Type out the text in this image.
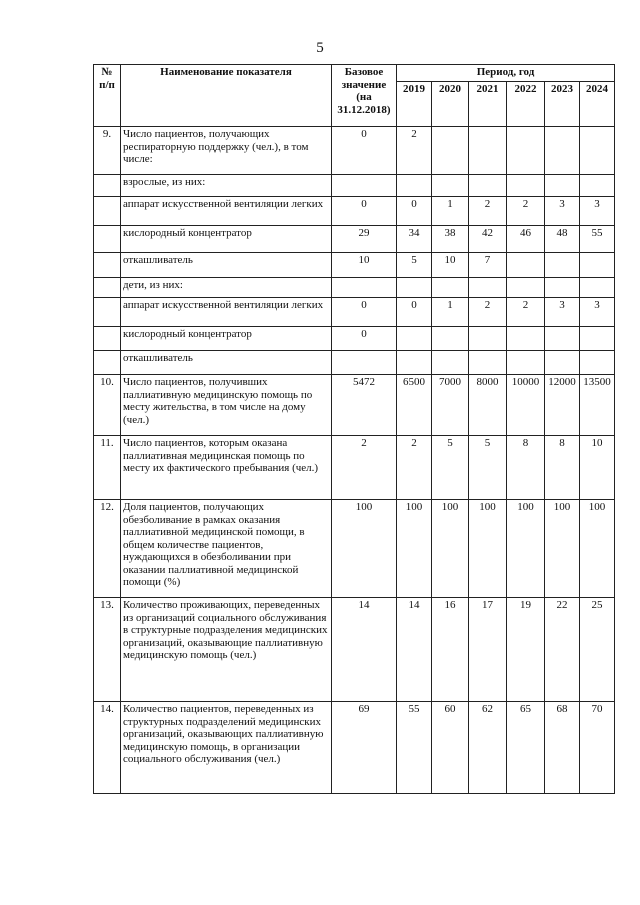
5
№ п/п	Наименование показателя	Базовое значение (на 31.12.2018)	Период, год					
			2019	2020	2021	2022	2023	2024
9.	Число пациентов, получающих респираторную поддержку (чел.), в том числе:	0	2					
	взрослые, из них:							
	аппарат искусственной вентиляции легких	0	0	1	2	2	3	3
	кислородный концентратор	29	34	38	42	46	48	55
	откашливатель	10	5	10	7			
	дети, из них:							
	аппарат искусственной вентиляции легких	0	0	1	2	2	3	3
	кислородный концентратор	0						
	откашливатель							
10.	Число пациентов, получивших паллиативную медицинскую помощь по месту жительства, в том числе на дому (чел.)	5472	6500	7000	8000	10000	12000	13500
11.	Число пациентов, которым оказана паллиативная медицинская помощь по месту их фактического пребывания (чел.)	2	2	5	5	8	8	10
12.	Доля пациентов, получающих обезболивание в рамках оказания паллиативной медицинской помощи, в общем количестве пациентов, нуждающихся в обезболивании при оказании паллиативной медицинской помощи (%)	100	100	100	100	100	100	100
13.	Количество проживающих, переведенных из организаций социального обслуживания в структурные подразделения медицинских организаций, оказывающие паллиативную медицинскую помощь (чел.)	14	14	16	17	19	22	25
14.	Количество пациентов, переведенных из структурных подразделений медицинских организаций, оказывающих паллиативную медицинскую помощь, в организации социального обслуживания (чел.)	69	55	60	62	65	68	70
